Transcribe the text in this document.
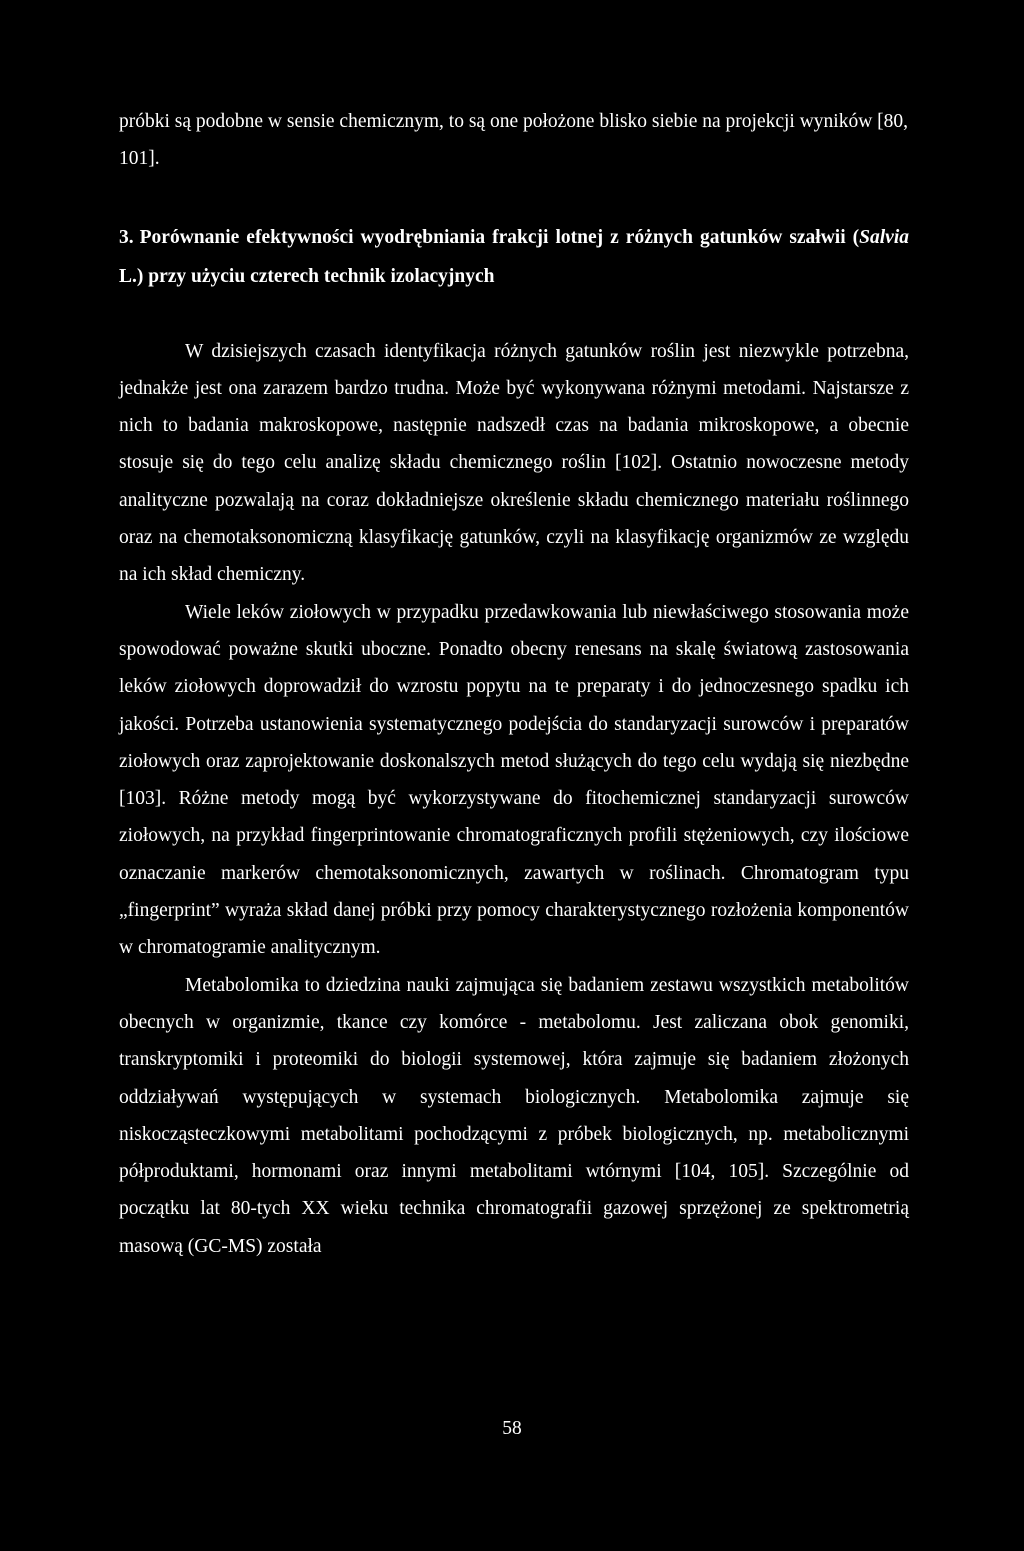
próbki są podobne w sensie chemicznym, to są one położone blisko siebie na projekcji wyników [80, 101].

3. Porównanie efektywności wyodrębniania frakcji lotnej z różnych gatunków szałwii (Salvia L.) przy użyciu czterech technik izolacyjnych

W dzisiejszych czasach identyfikacja różnych gatunków roślin jest niezwykle potrzebna, jednakże jest ona zarazem bardzo trudna. Może być wykonywana różnymi metodami. Najstarsze z nich to badania makroskopowe, następnie nadszedł czas na badania mikroskopowe, a obecnie stosuje się do tego celu analizę składu chemicznego roślin [102]. Ostatnio nowoczesne metody analityczne pozwalają na coraz dokładniejsze określenie składu chemicznego materiału roślinnego oraz na chemotaksonomiczną klasyfikację gatunków, czyli na klasyfikację organizmów ze względu na ich skład chemiczny.

Wiele leków ziołowych w przypadku przedawkowania lub niewłaściwego stosowania może spowodować poważne skutki uboczne. Ponadto obecny renesans na skalę światową zastosowania leków ziołowych doprowadził do wzrostu popytu na te preparaty i do jednoczesnego spadku ich jakości. Potrzeba ustanowienia systematycznego podejścia do standaryzacji surowców i preparatów ziołowych oraz zaprojektowanie doskonalszych metod służących do tego celu wydają się niezbędne [103]. Różne metody mogą być wykorzystywane do fitochemicznej standaryzacji surowców ziołowych, na przykład fingerprintowanie chromatograficznych profili stężeniowych, czy ilościowe oznaczanie markerów chemotaksonomicznych, zawartych w roślinach. Chromatogram typu „fingerprint” wyraża skład danej próbki przy pomocy charakterystycznego rozłożenia komponentów w chromatogramie analitycznym.

Metabolomika to dziedzina nauki zajmująca się badaniem zestawu wszystkich metabolitów obecnych w organizmie, tkance czy komórce - metabolomu. Jest zaliczana obok genomiki, transkryptomiki i proteomiki do biologii systemowej, która zajmuje się badaniem złożonych oddziaływań występujących w systemach biologicznych. Metabolomika zajmuje się niskocząsteczkowymi metabolitami pochodzącymi z próbek biologicznych, np. metabolicznymi półproduktami, hormonami oraz innymi metabolitami wtórnymi [104, 105]. Szczególnie od początku lat 80-tych XX wieku technika chromatografii gazowej sprzężonej ze spektrometrią masową (GC-MS) została

58
